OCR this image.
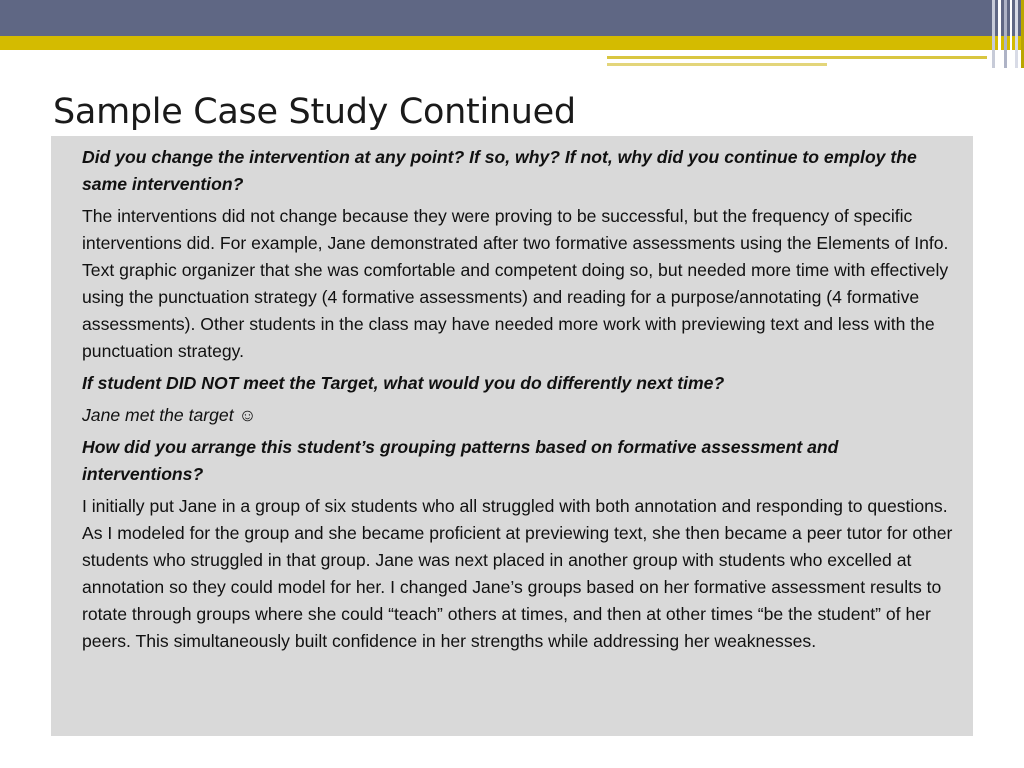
Sample Case Study Continued

Did you change the intervention at any point? If so, why? If not, why did you continue to employ the same intervention?

The interventions did not change because they were proving to be successful, but the frequency of specific interventions did. For example, Jane demonstrated after two formative assessments using the Elements of Info. Text graphic organizer that she was comfortable and competent doing so, but needed more time with effectively using the punctuation strategy (4 formative assessments) and reading for a purpose/annotating (4 formative assessments). Other students in the class may have needed more work with previewing text and less with the punctuation strategy.

If student DID NOT meet the Target, what would you do differently next time?

Jane met the target ☺

How did you arrange this student’s grouping patterns based on formative assessment and interventions?

I initially put Jane in a group of six students who all struggled with both annotation and responding to questions. As I modeled for the group and she became proficient at previewing text, she then became a peer tutor for other students who struggled in that group. Jane was next placed in another group with students who excelled at annotation so they could model for her. I changed Jane’s groups based on her formative assessment results to rotate through groups where she could “teach” others at times, and then at other times “be the student” of her peers. This simultaneously built confidence in her strengths while addressing her weaknesses.
